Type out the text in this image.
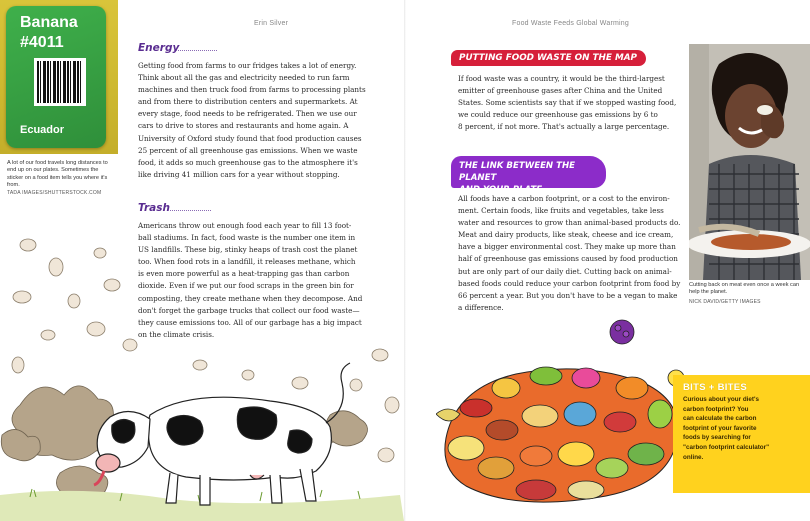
Erin Silver	Food Waste Feeds Global Warming
Banana
#4011
Ecuador
A lot of our food travels long distances to end up on our plates. Sometimes the sticker on a food item tells you where it's from.
TADA IMAGES/SHUTTERSTOCK.COM
Energy
Getting food from farms to our fridges takes a lot of energy.
Think about all the gas and electricity needed to run farm
machines and then truck food from farms to processing plants
and from there to distribution centers and supermarkets. At
every stage, food needs to be refrigerated. Then we use our
cars to drive to stores and restaurants and home again. A
University of Oxford study found that food production causes
25 percent of all greenhouse gas emissions. When we waste
food, it adds so much greenhouse gas to the atmosphere it's
like driving 41 million cars for a year without stopping.
Trash
Americans throw out enough food each year to fill 13 foot-
ball stadiums. In fact, food waste is the number one item in
US landfills. These big, stinky heaps of trash cost the planet
too. When food rots in a landfill, it releases methane, which
is even more powerful as a heat-trapping gas than carbon
dioxide. Even if we put our food scraps in the green bin for
composting, they create methane when they decompose. And
don't forget the garbage trucks that collect our food waste—
they cause emissions too. All of our garbage has a big impact
on the climate crisis.
PUTTING FOOD WASTE ON THE MAP
If food waste was a country, it would be the third-largest
emitter of greenhouse gases after China and the United
States. Some scientists say that if we stopped wasting food,
we could reduce our greenhouse gas emissions by 6 to
8 percent, if not more. That's actually a large percentage.
THE LINK BETWEEN THE PLANET
AND YOUR PLATE
All foods have a carbon footprint, or a cost to the environ-
ment. Certain foods, like fruits and vegetables, take less
water and resources to grow than animal-based products do.
Meat and dairy products, like steak, cheese and ice cream,
have a bigger environmental cost. They make up more than
half of greenhouse gas emissions caused by food production
but are only part of our daily diet. Cutting back on animal-
based foods could reduce your carbon footprint from food by
66 percent a year. But you don't have to be a vegan to make
a difference.
Cutting back on meat even once a week can help the planet.
NICK DAVID/GETTY IMAGES
BITS + BITES
Curious about your diet's
carbon footprint? You
can calculate the carbon
footprint of your favorite
foods by searching for
"carbon footprint calculator"
online.
